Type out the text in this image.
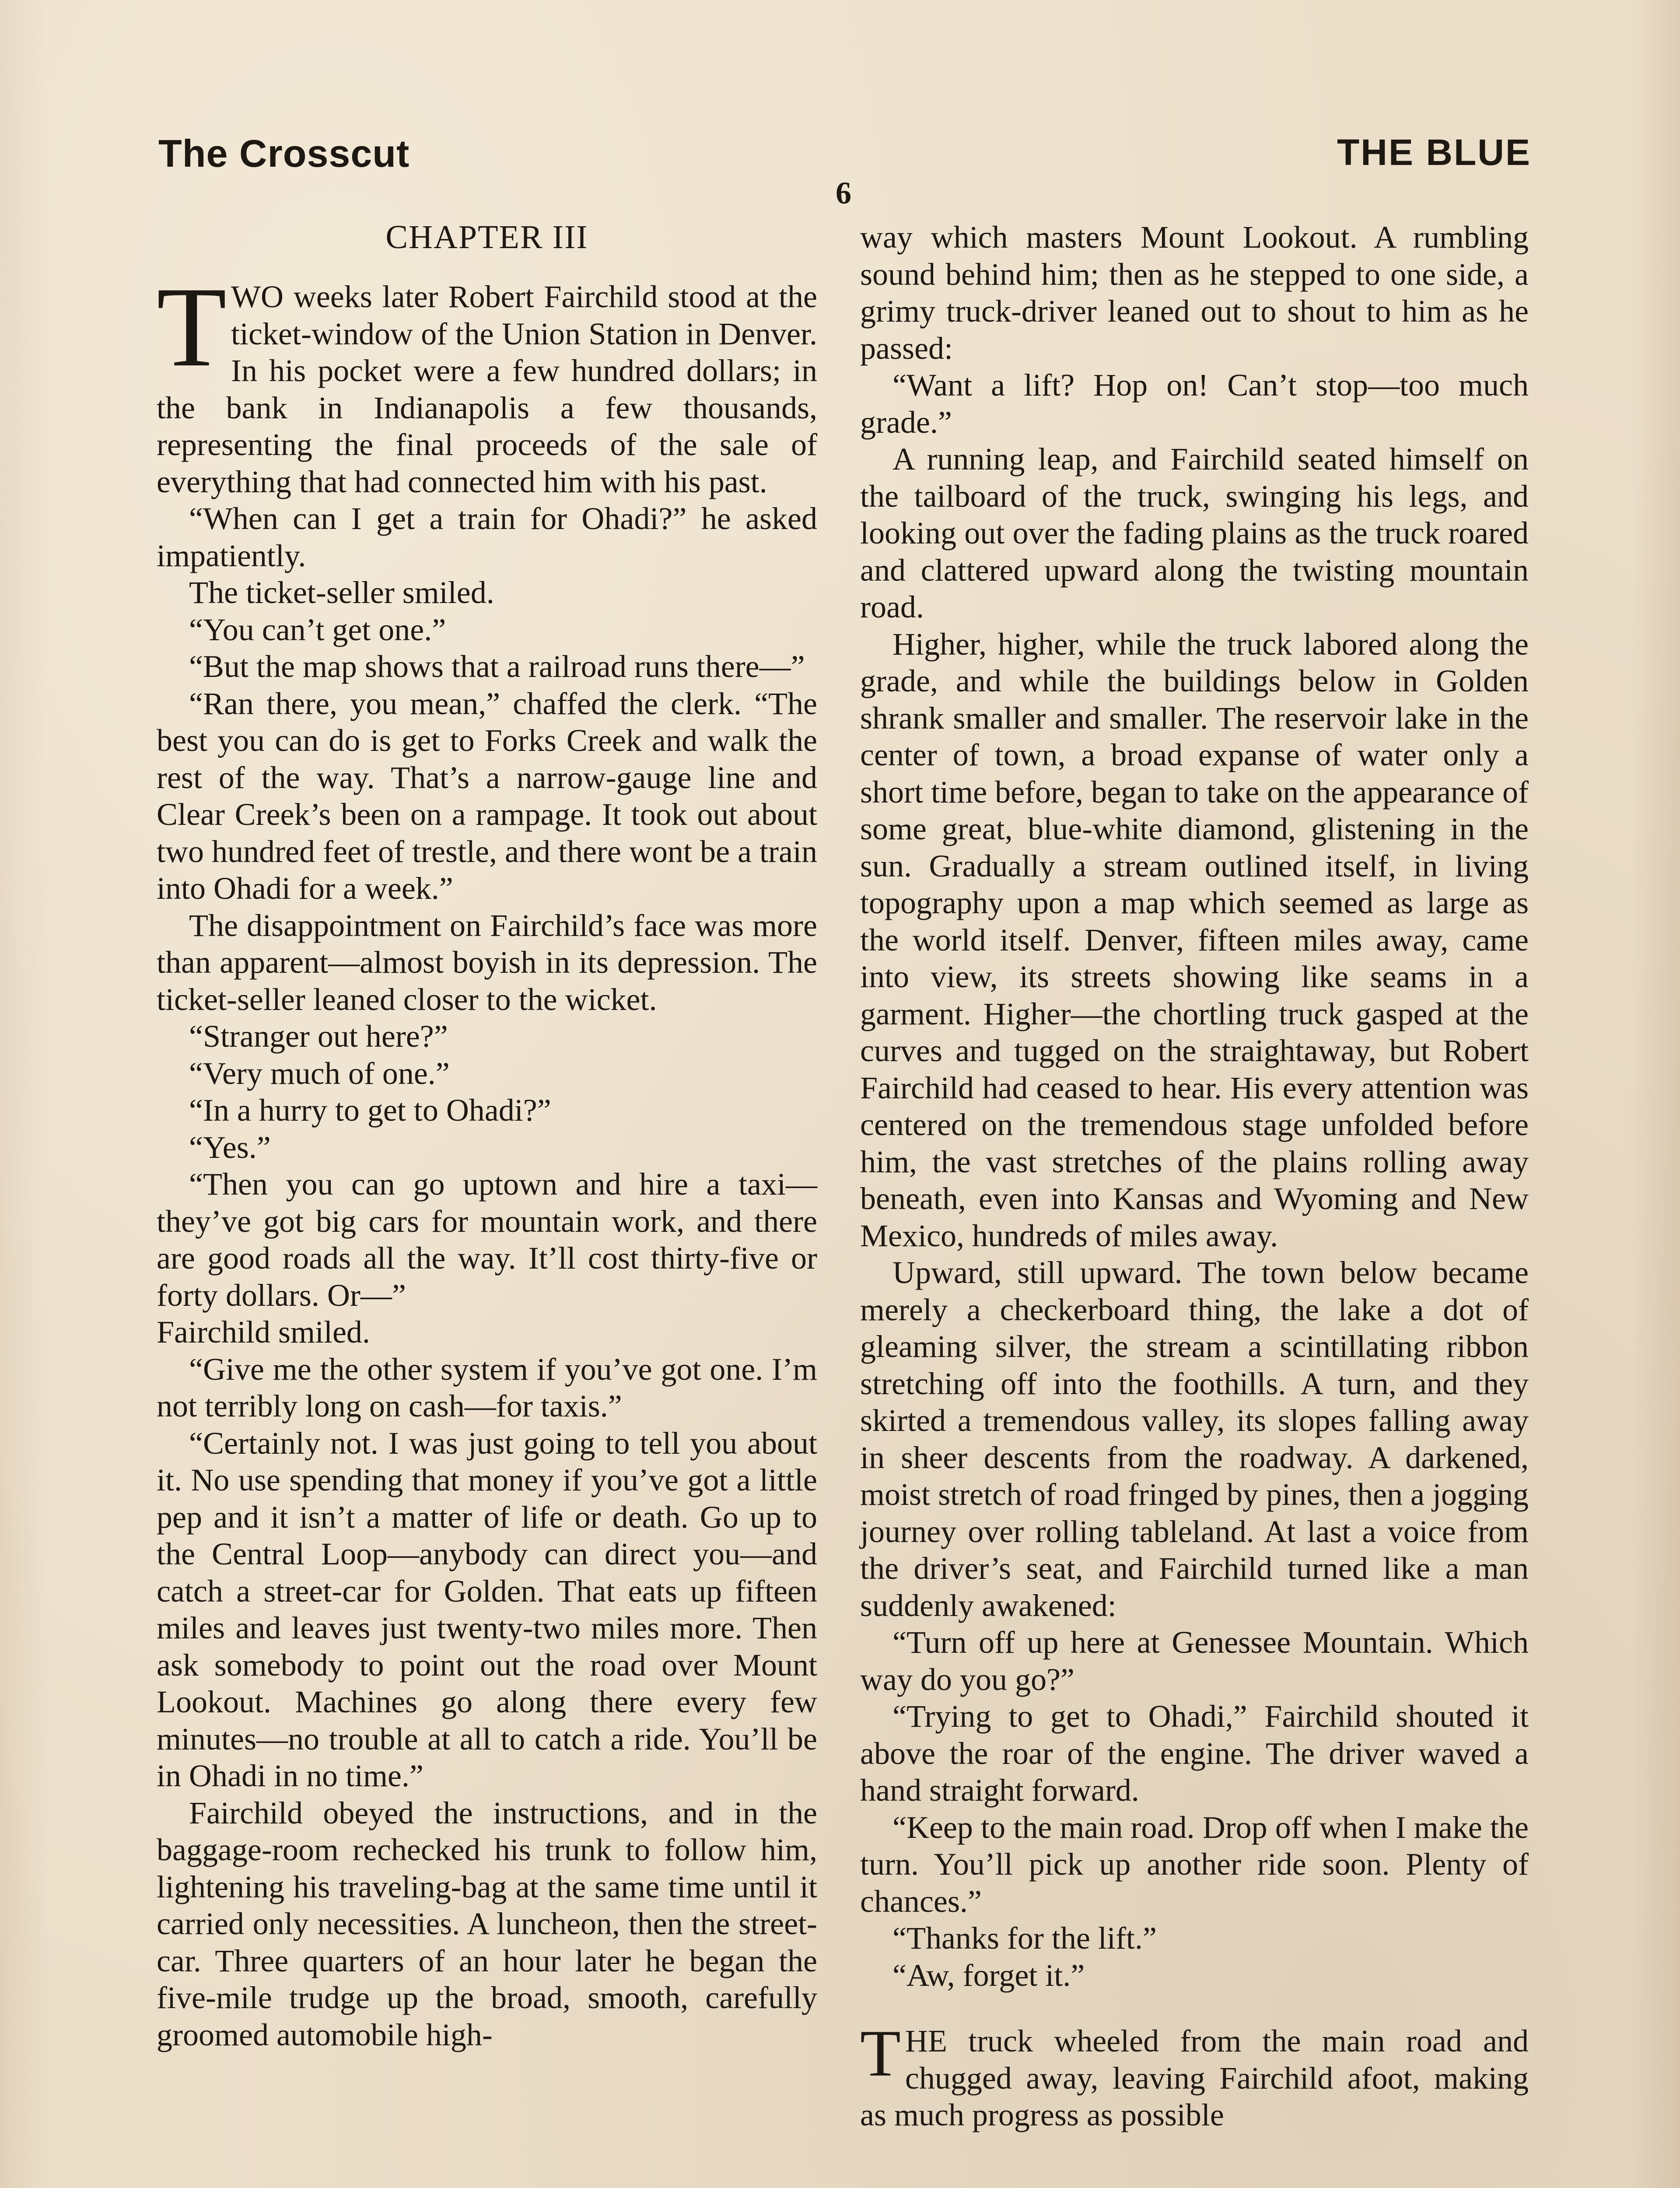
The Crosscut	THE BLUE
6
CHAPTER III

T WO weeks later Robert Fairchild stood at the ticket-window of the Union Station in Denver. In his pocket were a few hundred dollars; in the bank in Indianapolis a few thousands, representing the final proceeds of the sale of everything that had connected him with his past.

“When can I get a train for Ohadi?” he asked impatiently.

The ticket-seller smiled.

“You can’t get one.”

“But the map shows that a railroad runs there—”

“Ran there, you mean,” chaffed the clerk. “The best you can do is get to Forks Creek and walk the rest of the way. That’s a narrow-gauge line and Clear Creek’s been on a rampage. It took out about two hundred feet of trestle, and there wont be a train into Ohadi for a week.”

The disappointment on Fairchild’s face was more than apparent—almost boyish in its depression. The ticket-seller leaned closer to the wicket.

“Stranger out here?”

“Very much of one.”

“In a hurry to get to Ohadi?”

“Yes.”

“Then you can go uptown and hire a taxi—they’ve got big cars for mountain work, and there are good roads all the way. It’ll cost thirty-five or forty dollars. Or—”

Fairchild smiled.

“Give me the other system if you’ve got one. I’m not terribly long on cash—for taxis.”

“Certainly not. I was just going to tell you about it. No use spending that money if you’ve got a little pep and it isn’t a matter of life or death. Go up to the Central Loop—anybody can direct you—and catch a street-car for Golden. That eats up fifteen miles and leaves just twenty-two miles more. Then ask somebody to point out the road over Mount Lookout. Machines go along there every few minutes—no trouble at all to catch a ride. You’ll be in Ohadi in no time.”

Fairchild obeyed the instructions, and in the baggage-room rechecked his trunk to follow him, lightening his traveling-bag at the same time until it carried only necessities. A luncheon, then the street-car. Three quarters of an hour later he began the five-mile trudge up the broad, smooth, carefully groomed automobile high-

way which masters Mount Lookout. A rumbling sound behind him; then as he stepped to one side, a grimy truck-driver leaned out to shout to him as he passed:

“Want a lift? Hop on! Can’t stop—too much grade.”

A running leap, and Fairchild seated himself on the tailboard of the truck, swinging his legs, and looking out over the fading plains as the truck roared and clattered upward along the twisting mountain road.

Higher, higher, while the truck labored along the grade, and while the buildings below in Golden shrank smaller and smaller. The reservoir lake in the center of town, a broad expanse of water only a short time before, began to take on the appearance of some great, blue-white diamond, glistening in the sun. Gradually a stream outlined itself, in living topography upon a map which seemed as large as the world itself. Denver, fifteen miles away, came into view, its streets showing like seams in a garment. Higher—the chortling truck gasped at the curves and tugged on the straightaway, but Robert Fairchild had ceased to hear. His every attention was centered on the tremendous stage unfolded before him, the vast stretches of the plains rolling away beneath, even into Kansas and Wyoming and New Mexico, hundreds of miles away.

Upward, still upward. The town below became merely a checkerboard thing, the lake a dot of gleaming silver, the stream a scintillating ribbon stretching off into the foothills. A turn, and they skirted a tremendous valley, its slopes falling away in sheer descents from the roadway. A darkened, moist stretch of road fringed by pines, then a jogging journey over rolling tableland. At last a voice from the driver’s seat, and Fairchild turned like a man suddenly awakened:

“Turn off up here at Genessee Mountain. Which way do you go?”

“Trying to get to Ohadi,” Fairchild shouted it above the roar of the engine. The driver waved a hand straight forward.

“Keep to the main road. Drop off when I make the turn. You’ll pick up another ride soon. Plenty of chances.”

“Thanks for the lift.”

“Aw, forget it.”

T HE truck wheeled from the main road and chugged away, leaving Fairchild afoot, making as much progress as possible
